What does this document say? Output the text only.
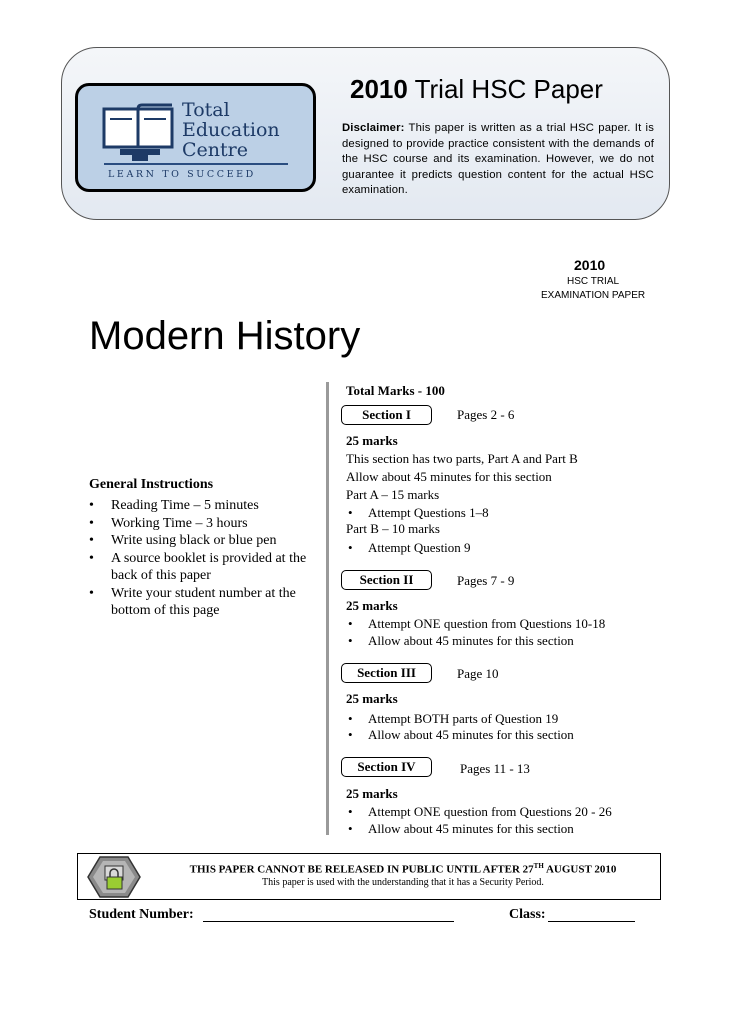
Total
Education
Centre
LEARN TO SUCCEED
2010 Trial HSC Paper
Disclaimer: This paper is written as a trial HSC paper. It is designed to provide practice consistent with the demands of the HSC course and its examination. However, we do not guarantee it predicts question content for the actual HSC examination.
2010
HSC TRIAL
EXAMINATION PAPER
Modern History
General Instructions
• Reading Time – 5 minutes
• Working Time – 3 hours
• Write using black or blue pen
• A source booklet is provided at the back of this paper
• Write your student number at the bottom of this page
Total Marks - 100
Section I	Pages 2 - 6
25 marks
This section has two parts, Part A and Part B
Allow about 45 minutes for this section
Part A – 15 marks
• Attempt Questions 1–8
Part B – 10 marks
• Attempt Question 9
Section II	Pages 7 - 9
25 marks
• Attempt ONE question from Questions 10-18
• Allow about 45 minutes for this section
Section III	Page 10
25 marks
• Attempt BOTH parts of Question 19
• Allow about 45 minutes for this section
Section IV	Pages 11 - 13
25 marks
• Attempt ONE question from Questions 20 - 26
• Allow about 45 minutes for this section
THIS PAPER CANNOT BE RELEASED IN PUBLIC UNTIL AFTER 27TH AUGUST 2010
This paper is used with the understanding that it has a Security Period.
Student Number:	Class:
